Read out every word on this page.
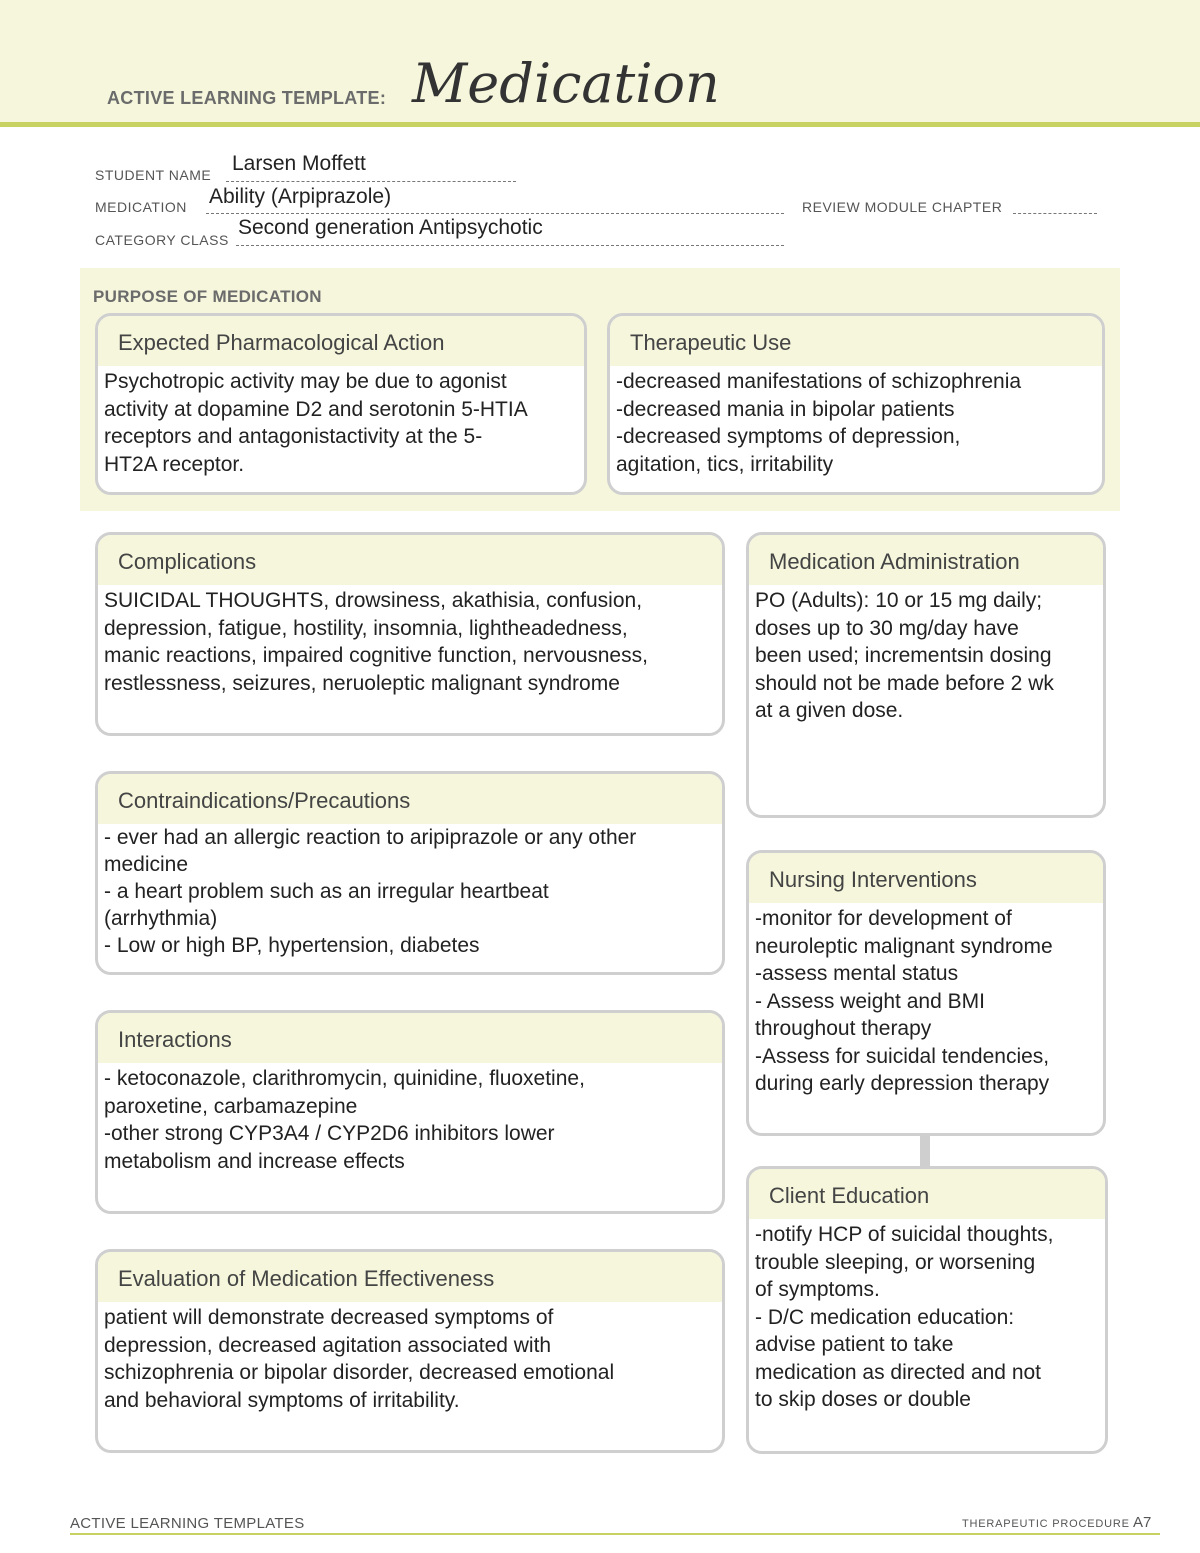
ACTIVE LEARNING TEMPLATE: Medication
STUDENT NAME Larsen Moffett
MEDICATION Ability (Arpiprazole)	REVIEW MODULE CHAPTER
CATEGORY CLASS
Second generation Antipsychotic
PURPOSE OF MEDICATION
Expected Pharmacological Action
Psychotropic activity may be due to agonist
activity at dopamine D2 and serotonin 5-HTIA
receptors and antagonistactivity at the 5-
HT2A receptor.
Therapeutic Use
-decreased manifestations of schizophrenia
-decreased mania in bipolar patients
-decreased symptoms of depression,
agitation, tics, irritability
Complications
SUICIDAL THOUGHTS, drowsiness, akathisia, confusion,
depression, fatigue, hostility, insomnia, lightheadedness,
manic reactions, impaired cognitive function, nervousness,
restlessness, seizures, neruoleptic malignant syndrome
Contraindications/Precautions
- ever had an allergic reaction to aripiprazole or any other
medicine
- a heart problem such as an irregular heartbeat
(arrhythmia)
- Low or high BP, hypertension, diabetes
Interactions
- ketoconazole, clarithromycin, quinidine, fluoxetine,
paroxetine, carbamazepine
-other strong CYP3A4 / CYP2D6 inhibitors lower
metabolism and increase effects
Evaluation of Medication Effectiveness
patient will demonstrate decreased symptoms of
depression, decreased agitation associated with
schizophrenia or bipolar disorder, decreased emotional
and behavioral symptoms of irritability.
Medication Administration
PO (Adults): 10 or 15 mg daily;
doses up to 30 mg/day have
been used; incrementsin dosing
should not be made before 2 wk
at a given dose.
Nursing Interventions
-monitor for development of
neuroleptic malignant syndrome
-assess mental status
- Assess weight and BMI
throughout therapy
-Assess for suicidal tendencies,
during early depression therapy
Client Education
-notify HCP of suicidal thoughts,
trouble sleeping, or worsening
of symptoms.
- D/C medication education:
advise patient to take
medication as directed and not
to skip doses or double
ACTIVE LEARNING TEMPLATES	THERAPEUTIC PROCEDURE A7
